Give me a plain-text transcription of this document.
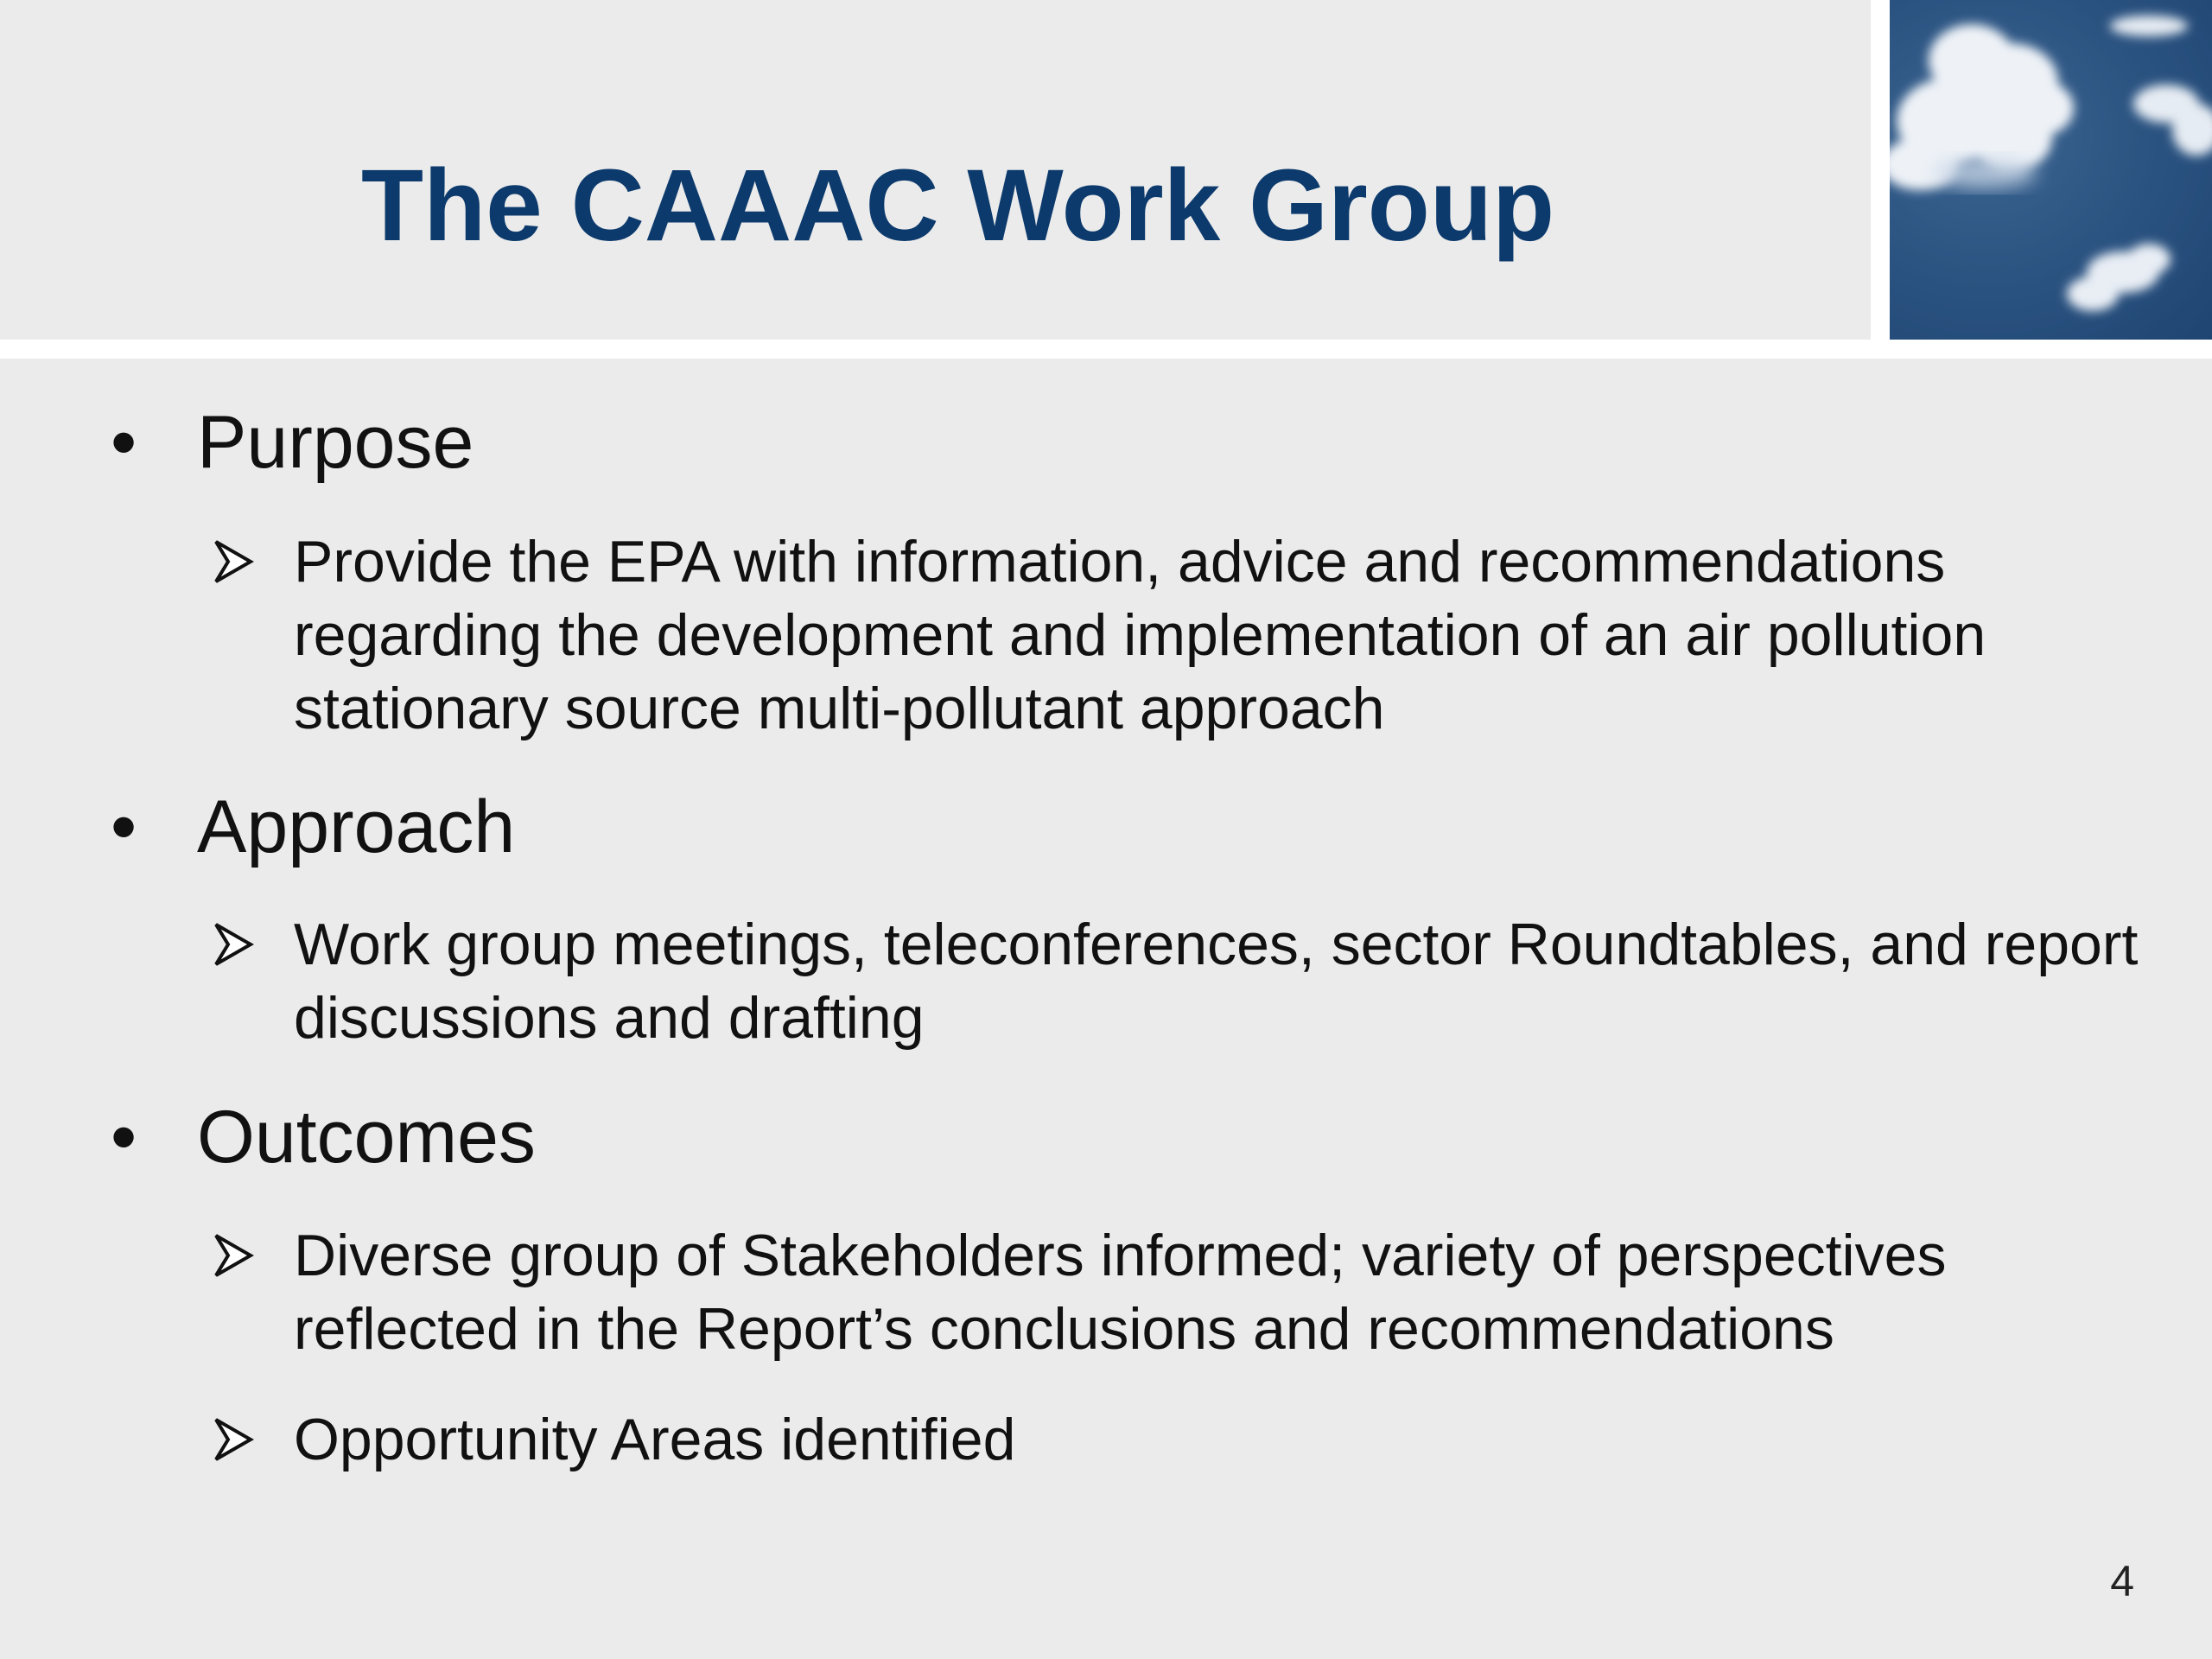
The CAAAC Work Group
• Purpose
Provide the EPA with information, advice and recommendations regarding the development and implementation of an air pollution stationary source multi-pollutant approach
• Approach
Work group meetings, teleconferences, sector Roundtables, and report discussions and drafting
• Outcomes
Diverse group of Stakeholders informed; variety of perspectives reflected in the Report’s conclusions and recommendations
Opportunity Areas identified
4
